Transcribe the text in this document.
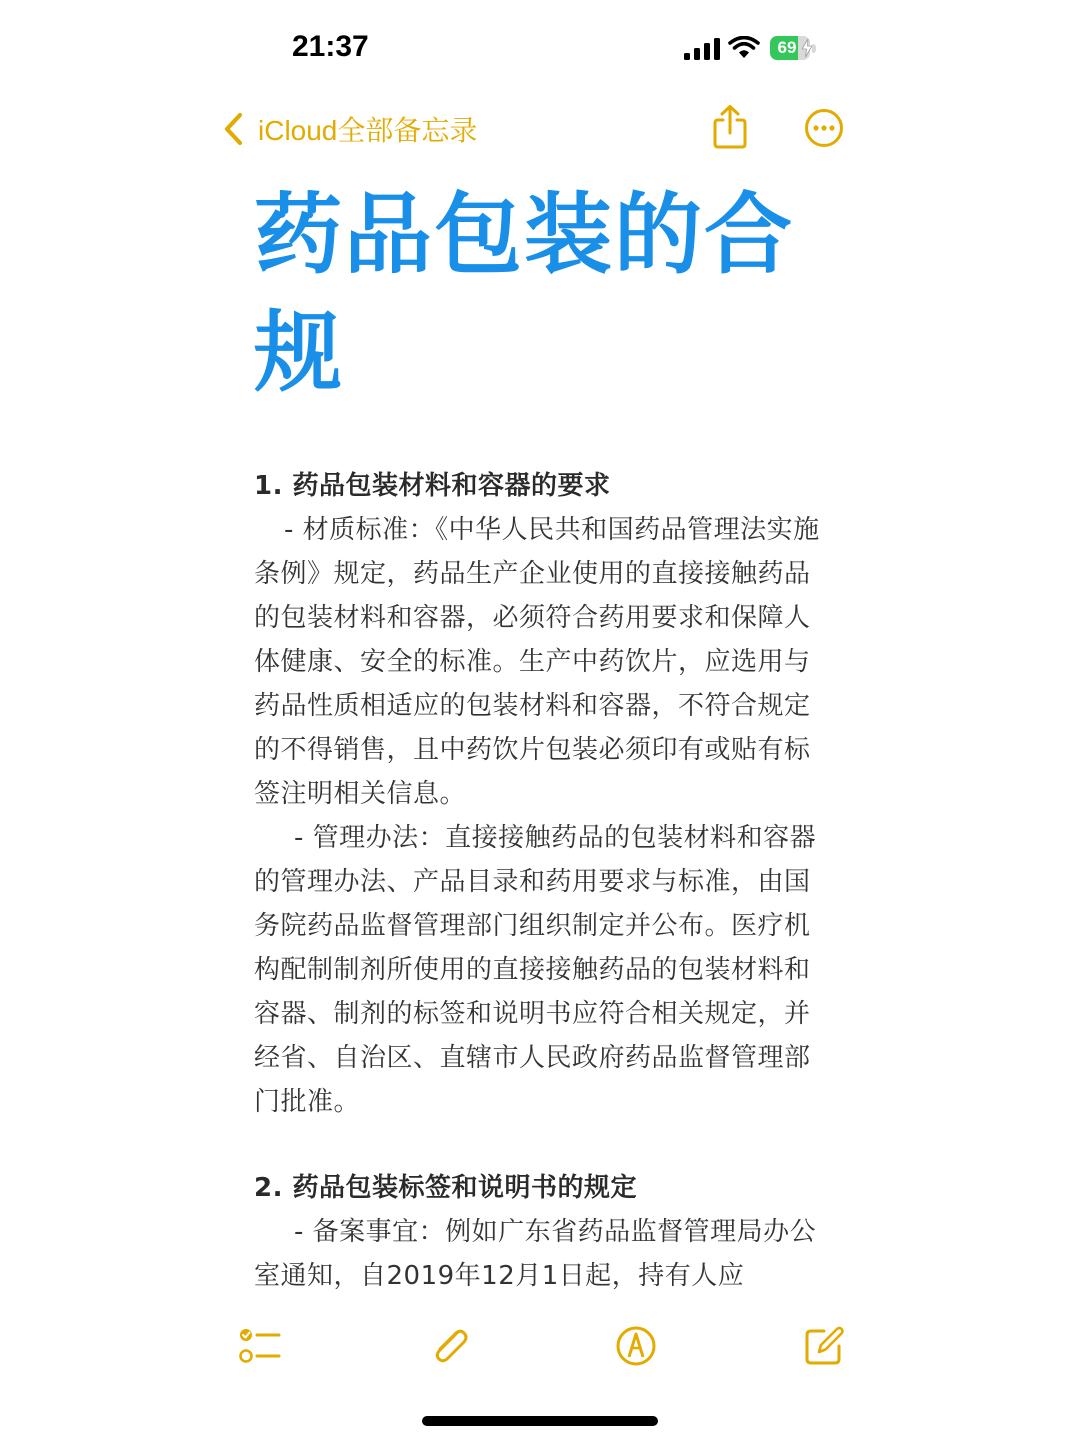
21:37	69
iCloud全部备忘录
药品包装的合规

1. 药品包装材料和容器的要求

- 材质标准：《中华人民共和国药品管理法实施条例》规定，药品生产企业使用的直接接触药品的包装材料和容器，必须符合药用要求和保障人体健康、安全的标准。生产中药饮片，应选用与药品性质相适应的包装材料和容器，不符合规定的不得销售，且中药饮片包装必须印有或贴有标签注明相关信息。

- 管理办法：直接接触药品的包装材料和容器的管理办法、产品目录和药用要求与标准，由国务院药品监督管理部门组织制定并公布。医疗机构配制制剂所使用的直接接触药品的包装材料和容器、制剂的标签和说明书应符合相关规定，并经省、自治区、直辖市人民政府药品监督管理部门批准。

2. 药品包装标签和说明书的规定

- 备案事宜：例如广东省药品监督管理局办公室通知，自2019年12月1日起，持有人应
